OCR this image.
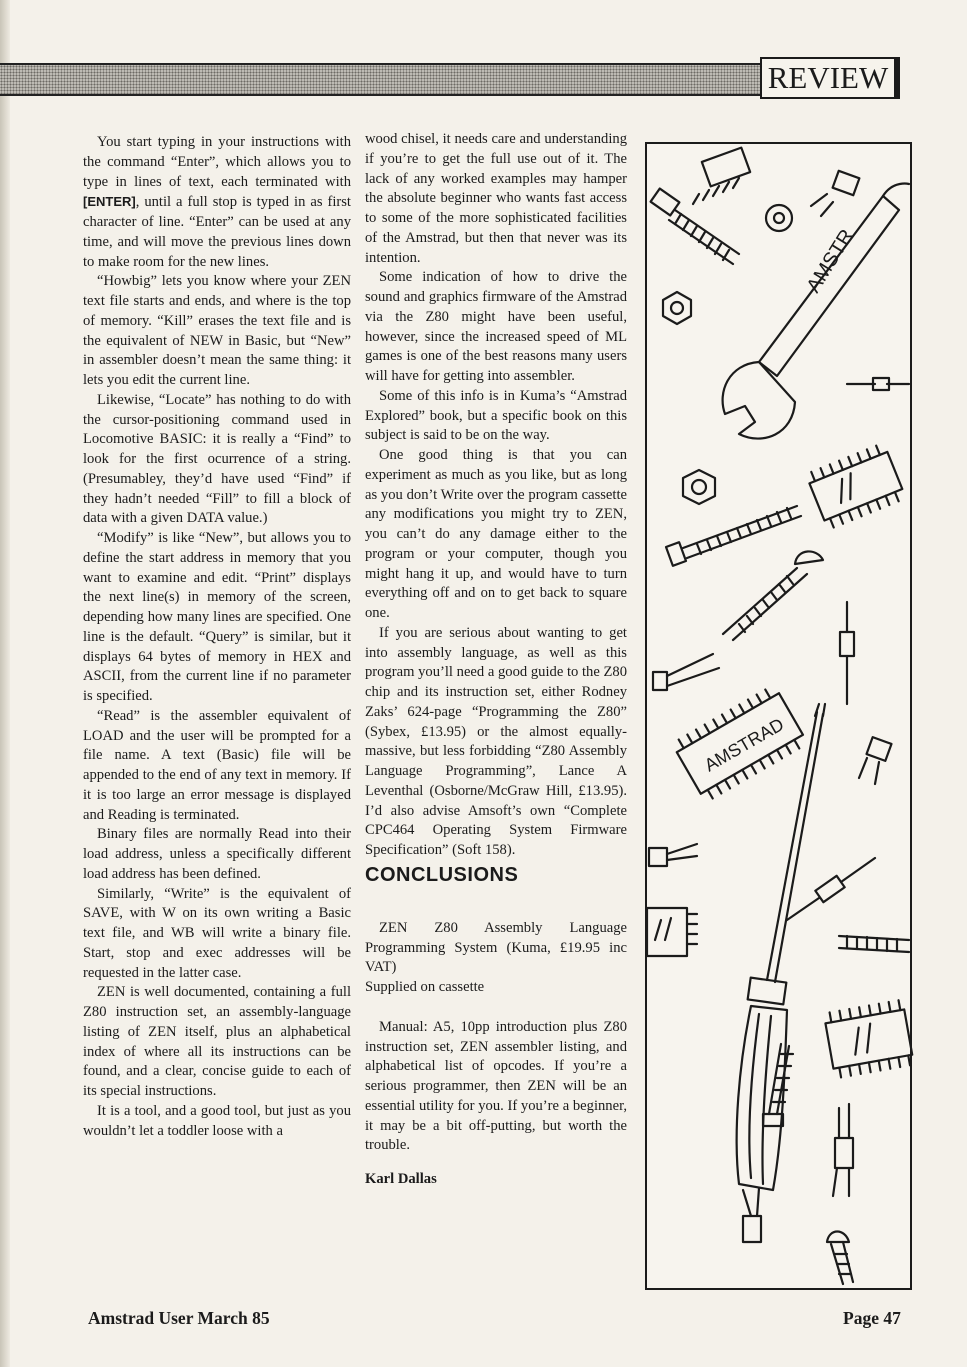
REVIEW

You start typing in your instructions with the command “Enter”, which allows you to type in lines of text, each terminated with [ENTER], until a full stop is typed in as first character of line. “Enter” can be used at any time, and will move the previous lines down to make room for the new lines.

“Howbig” lets you know where your ZEN text file starts and ends, and where is the top of memory. “Kill” erases the text file and is the equivalent of NEW in Basic, but “New” in assembler doesn’t mean the same thing: it lets you edit the current line.

Likewise, “Locate” has nothing to do with the cursor-positioning command used in Locomotive BASIC: it is really a “Find” to look for the first ocurrence of a string. (Presumabley, they’d have used “Find” if they hadn’t needed “Fill” to fill a block of data with a given DATA value.)

“Modify” is like “New”, but allows you to define the start address in memory that you want to examine and edit. “Print” displays the next line(s) in memory of the screen, depending how many lines are specified. One line is the default. “Query” is similar, but it displays 64 bytes of memory in HEX and ASCII, from the current line if no parameter is specified.

“Read” is the assembler equivalent of LOAD and the user will be prompted for a file name. A text (Basic) file will be appended to the end of any text in memory. If it is too large an error message is displayed and Reading is terminated.

Binary files are normally Read into their load address, unless a specifically different load address has been defined.

Similarly, “Write” is the equivalent of SAVE, with W on its own writing a Basic text file, and WB will write a binary file. Start, stop and exec addresses will be requested in the latter case.

ZEN is well documented, containing a full Z80 instruction set, an assembly-language listing of ZEN itself, plus an alphabetical index of where all its instructions can be found, and a clear, concise guide to each of its special instructions.

It is a tool, and a good tool, but just as you wouldn’t let a toddler loose with a

wood chisel, it needs care and understanding if you’re to get the full use out of it. The lack of any worked examples may hamper the absolute beginner who wants fast access to some of the more sophisticated facilities of the Amstrad, but then that never was its intention.

Some indication of how to drive the sound and graphics firmware of the Amstrad via the Z80 might have been useful, however, since the increased speed of ML games is one of the best reasons many users will have for getting into assembler.

Some of this info is in Kuma’s “Amstrad Explored” book, but a specific book on this subject is said to be on the way.

One good thing is that you can experiment as much as you like, but as long as you don’t Write over the program cassette any modifications you might try to ZEN, you can’t do any damage either to the program or your computer, though you might hang it up, and would have to turn everything off and on to get back to square one.

If you are serious about wanting to get into assembly language, as well as this program you’ll need a good guide to the Z80 chip and its instruction set, either Rodney Zaks’ 624-page “Programming the Z80” (Sybex, £13.95) or the almost equally-massive, but less forbidding “Z80 Assembly Language Programming”, Lance A Leventhal (Osborne/McGraw Hill, £13.95). I’d also advise Amsoft’s own “Complete CPC464 Operating System Firmware Specification” (Soft 158).

CONCLUSIONS

ZEN Z80 Assembly Language Programming System (Kuma, £19.95 inc VAT)

Supplied on cassette

Manual: A5, 10pp introduction plus Z80 instruction set, ZEN assembler listing, and alphabetical list of opcodes. If you’re a serious programmer, then ZEN will be an essential utility for you. If you’re a beginner, it may be a bit off-putting, but worth the trouble.

Karl Dallas

AMSTR
AMSTRAD
Amstrad User March 85	Page 47
